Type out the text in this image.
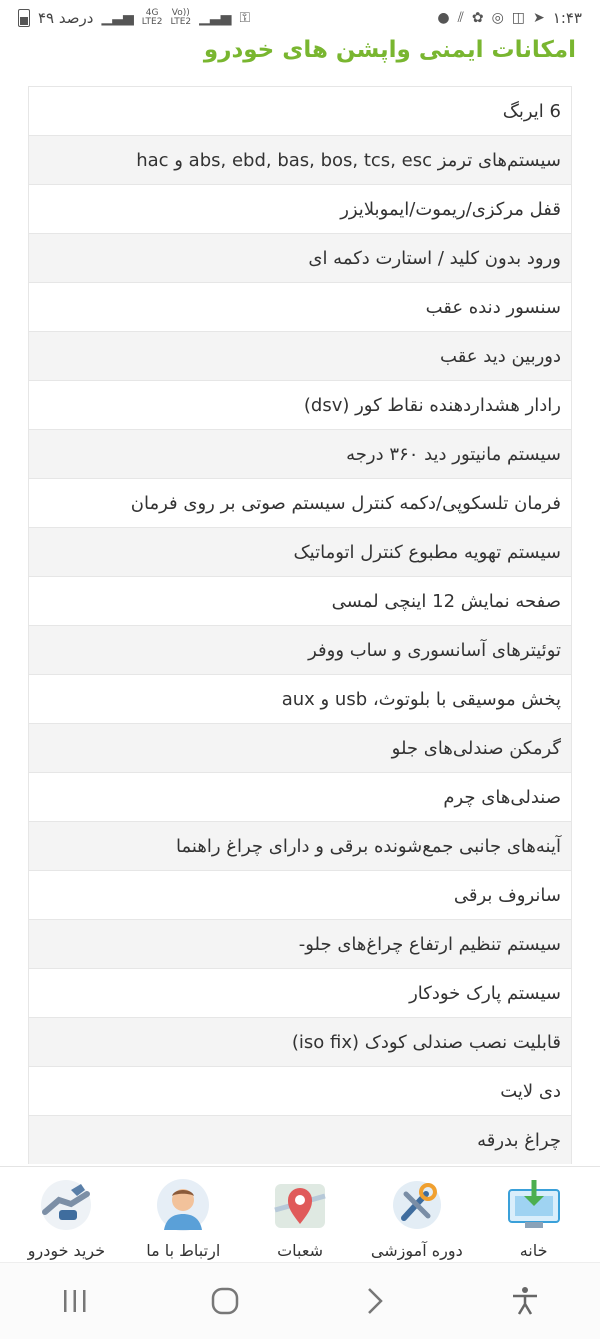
۴۹ درصد ▁▃▅	4G
LTE2
Vo))
LTE2 ▁▃▅ ⚿	● ⫽ ✿ ◎ ◫ ➤ ۱:۴۳
امکانات ایمنی واپشن های خودرو
6 ایربگ
سیستم‌های ترمز abs, ebd, bas, bos, tcs, esc و hac
قفل مرکزی/ریموت/ایموبلایزر
ورود بدون کلید / استارت دکمه ای
سنسور دنده عقب
دوربین دید عقب
رادار هشداردهنده نقاط کور (dsv)
سیستم مانیتور دید ۳۶۰ درجه
فرمان تلسکوپی/دکمه کنترل سیستم صوتی بر روی فرمان
سیستم تهویه مطبوع کنترل اتوماتیک
صفحه نمایش 12 اینچی لمسی
توئیترهای آسانسوری و ساب ووفر
پخش موسیقی با بلوتوث، usb و aux
گرمکن صندلی‌های جلو
صندلی‌های چرم
آینه‌های جانبی جمع‌شونده برقی و دارای چراغ راهنما
سانروف برقی
سیستم تنظیم ارتفاع چراغ‌های جلو-
سیستم پارک خودکار
قابلیت نصب صندلی کودک (iso fix)
دی لایت
چراغ بدرقه
خانه
دوره آموزشی
شعبات
ارتباط با ما
خرید خودرو
